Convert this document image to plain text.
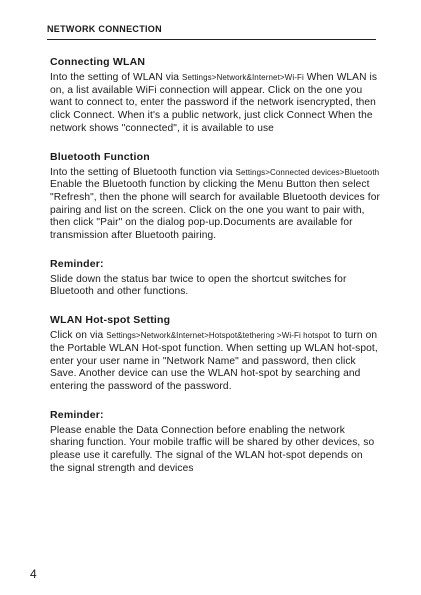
NETWORK CONNECTION
Connecting WLAN

Into the setting of WLAN via Settings>Network&Internet>Wi-Fi When WLAN is on, a list available WiFi connection will appear. Click on the one you want to connect to, enter the password if the network isencrypted, then click Connect. When it's a public network, just click Connect When the network shows "connected", it is available to use

Bluetooth Function

Into the setting of Bluetooth function via Settings>Connected devices>Bluetooth Enable the Bluetooth function by clicking the Menu Button then select "Refresh", then the phone will search for available Bluetooth devices for pairing and list on the screen. Click on the one you want to pair with, then click "Pair" on the dialog pop-up.Documents are available for transmission after Bluetooth pairing.

Reminder:

Slide down the status bar twice to open the shortcut switches for Bluetooth and other functions.

WLAN Hot-spot Setting

Click on via Settings>Network&Internet>Hotspot&tethering >Wi-Fi hotspot to turn on the Portable WLAN Hot-spot function. When setting up WLAN hot-spot, enter your user name in "Network Name" and password, then click Save. Another device can use the WLAN hot-spot by searching and entering the password of the password.

Reminder:

Please enable the Data Connection before enabling the network sharing function. Your mobile traffic will be shared by other devices, so please use it carefully. The signal of the WLAN hot-spot depends on the signal strength and devices

4
